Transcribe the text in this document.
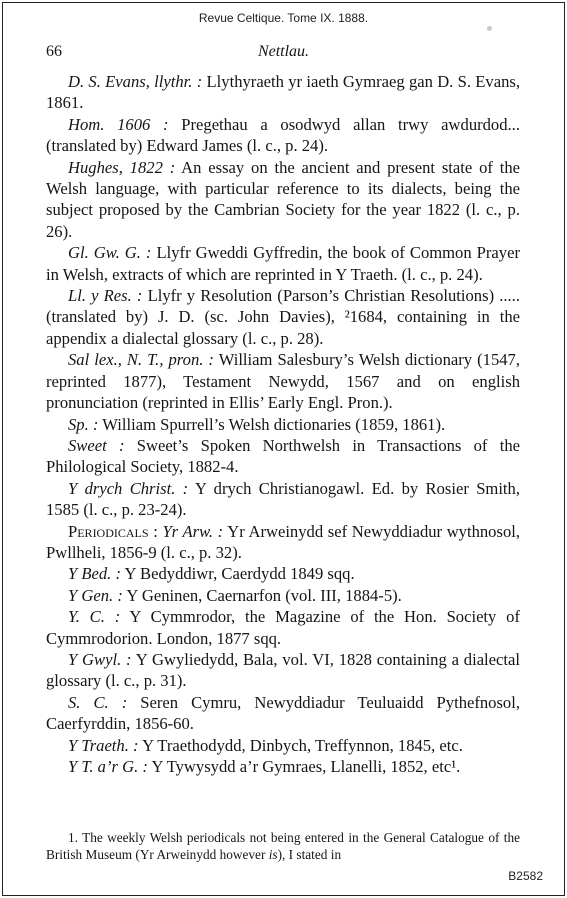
Revue Celtique. Tome IX. 1888.
66	Nettlau.

D. S. Evans, llythr. : Llythyraeth yr iaeth Gymraeg gan D. S. Evans, 1861.

Hom. 1606 : Pregethau a osodwyd allan trwy awdurdod... (translated by) Edward James (l. c., p. 24).

Hughes, 1822 : An essay on the ancient and present state of the Welsh language, with particular reference to its dialects, being the subject proposed by the Cambrian Society for the year 1822 (l. c., p. 26).

Gl. Gw. G. : Llyfr Gweddi Gyffredin, the book of Common Prayer in Welsh, extracts of which are reprinted in Y Traeth. (l. c., p. 24).

Ll. y Res. : Llyfr y Resolution (Parson’s Christian Resolutions) ..... (translated by) J. D. (sc. John Davies), ²1684, containing in the appendix a dialectal glossary (l. c., p. 28).

Sal lex., N. T., pron. : William Salesbury’s Welsh dictionary (1547, reprinted 1877), Testament Newydd, 1567 and on english pronunciation (reprinted in Ellis’ Early Engl. Pron.).

Sp. : William Spurrell’s Welsh dictionaries (1859, 1861).

Sweet : Sweet’s Spoken Northwelsh in Transactions of the Philological Society, 1882-4.

Y drych Christ. : Y drych Christianogawl. Ed. by Rosier Smith, 1585 (l. c., p. 23-24).

Periodicals : Yr Arw. : Yr Arweinydd sef Newyddiadur wythnosol, Pwllheli, 1856-9 (l. c., p. 32).

Y Bed. : Y Bedyddiwr, Caerdydd 1849 sqq.

Y Gen. : Y Geninen, Caernarfon (vol. III, 1884-5).

Y. C. : Y Cymmrodor, the Magazine of the Hon. Society of Cymmrodorion. London, 1877 sqq.

Y Gwyl. : Y Gwyliedydd, Bala, vol. VI, 1828 containing a dialectal glossary (l. c., p. 31).

S. C. : Seren Cymru, Newyddiadur Teuluaidd Pythefnosol, Caerfyrddin, 1856-60.

Y Traeth. : Y Traethodydd, Dinbych, Treffynnon, 1845, etc.

Y T. a’r G. : Y Tywysydd a’r Gymraes, Llanelli, 1852, etc¹.

1. The weekly Welsh periodicals not being entered in the General Catalogue of the British Museum (Yr Arweinydd however is), I stated in

B2582
